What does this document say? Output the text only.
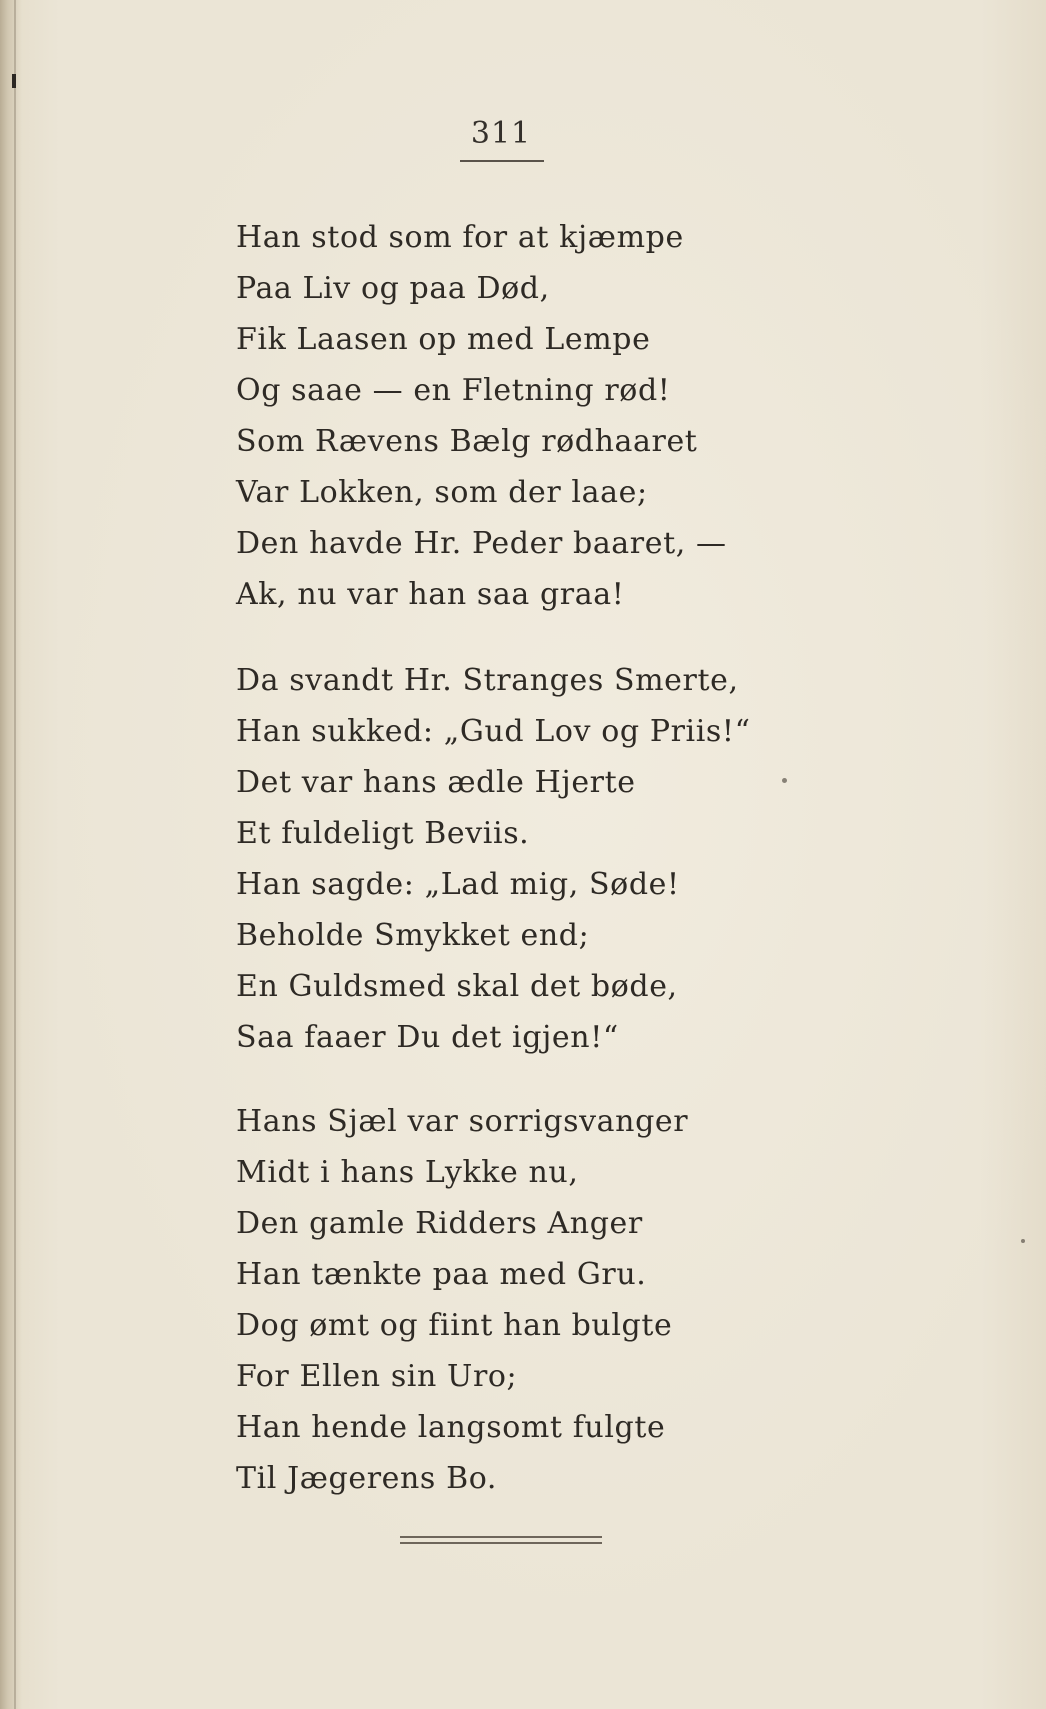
311
Han stod som for at kjæmpe
Paa Liv og paa Død,
Fik Laasen op med Lempe
Og saae — en Fletning rød!
Som Rævens Bælg rødhaaret
Var Lokken, som der laae;
Den havde Hr. Peder baaret, —
Ak, nu var han saa graa!
Da svandt Hr. Stranges Smerte,
Han sukked: „Gud Lov og Priis!“
Det var hans ædle Hjerte
Et fuldeligt Beviis.
Han sagde: „Lad mig, Søde!
Beholde Smykket end;
En Guldsmed skal det bøde,
Saa faaer Du det igjen!“
Hans Sjæl var sorrigsvanger
Midt i hans Lykke nu,
Den gamle Ridders Anger
Han tænkte paa med Gru.
Dog ømt og fiint han bulgte
For Ellen sin Uro;
Han hende langsomt fulgte
Til Jægerens Bo.
